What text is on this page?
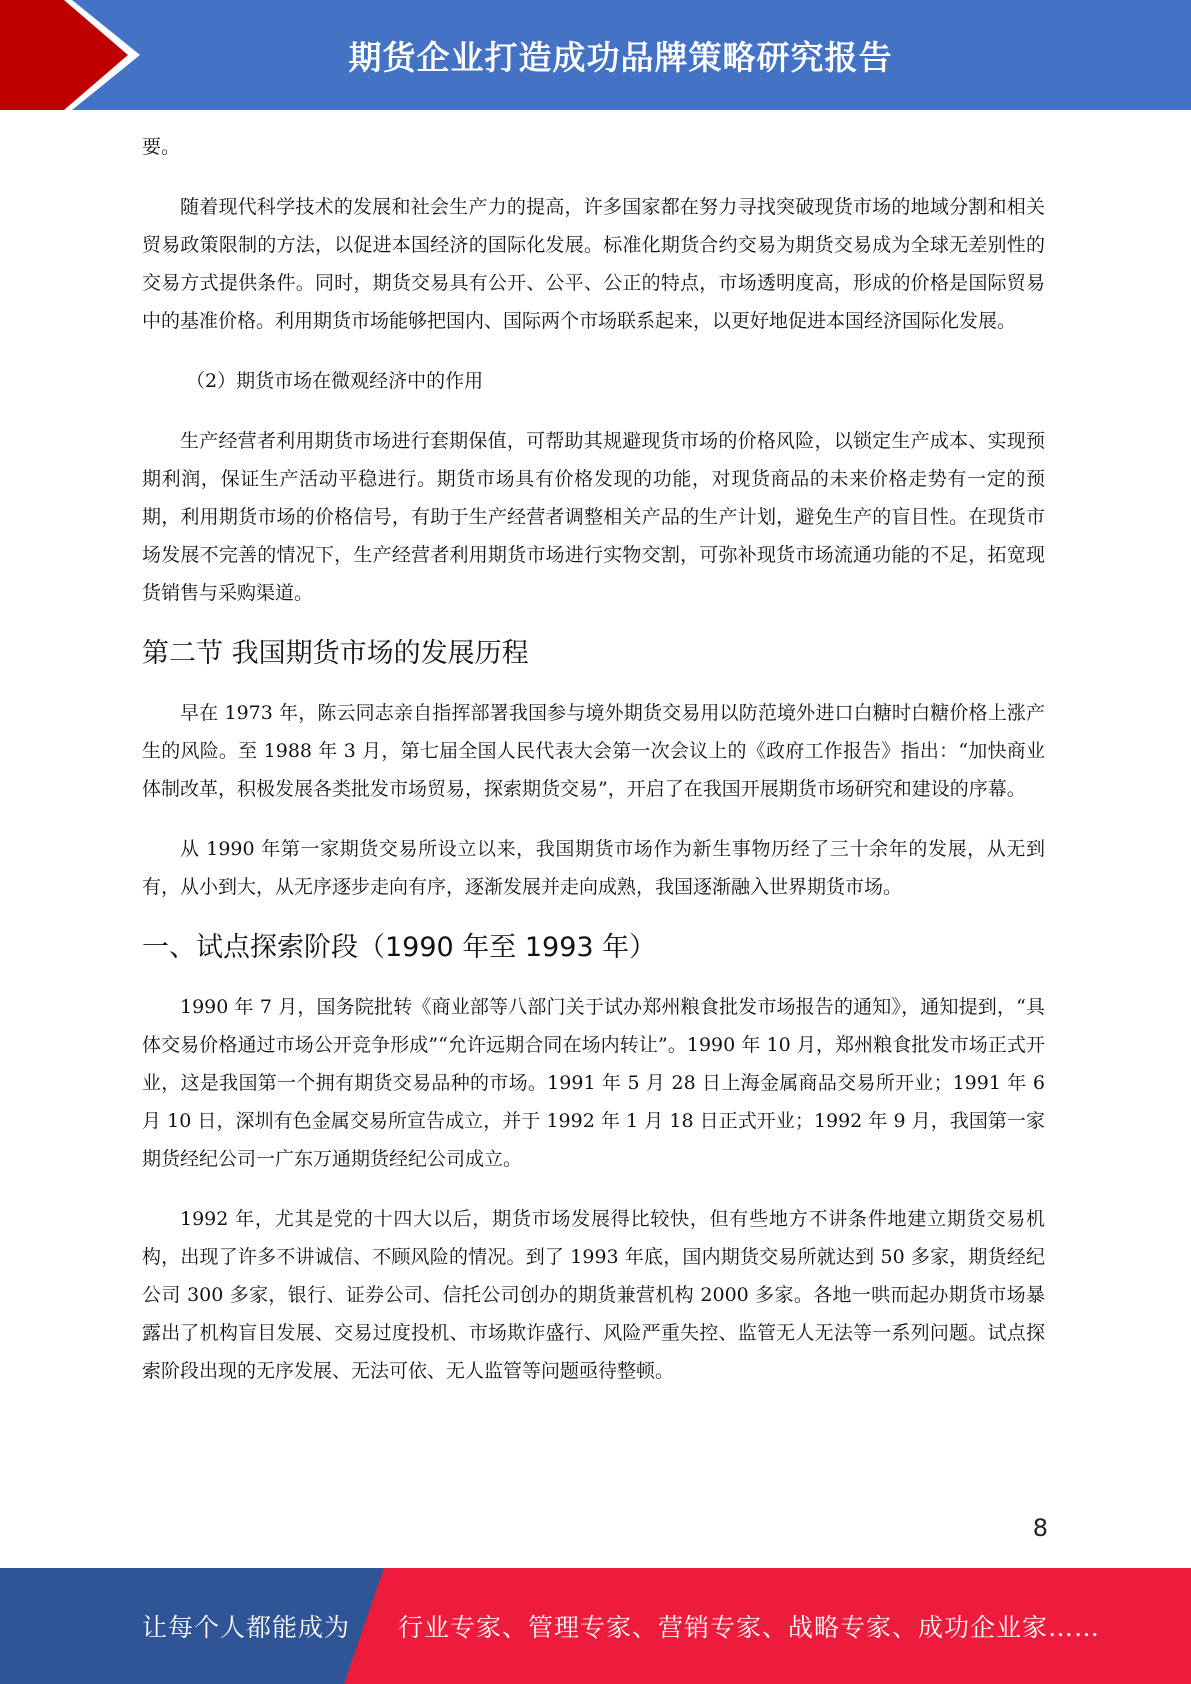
期货企业打造成功品牌策略研究报告

要。

随着现代科学技术的发展和社会生产力的提高，许多国家都在努力寻找突破现货市场的地域分割和相关贸易政策限制的方法，以促进本国经济的国际化发展。标准化期货合约交易为期货交易成为全球无差别性的交易方式提供条件。同时，期货交易具有公开、公平、公正的特点，市场透明度高，形成的价格是国际贸易中的基准价格。利用期货市场能够把国内、国际两个市场联系起来，以更好地促进本国经济国际化发展。

（2）期货市场在微观经济中的作用

生产经营者利用期货市场进行套期保值，可帮助其规避现货市场的价格风险，以锁定生产成本、实现预期利润，保证生产活动平稳进行。期货市场具有价格发现的功能，对现货商品的未来价格走势有一定的预期，利用期货市场的价格信号，有助于生产经营者调整相关产品的生产计划，避免生产的盲目性。在现货市场发展不完善的情况下，生产经营者利用期货市场进行实物交割，可弥补现货市场流通功能的不足，拓宽现货销售与采购渠道。

第二节 我国期货市场的发展历程

早在 1973 年，陈云同志亲自指挥部署我国参与境外期货交易用以防范境外进口白糖时白糖价格上涨产生的风险。至 1988 年 3 月，第七届全国人民代表大会第一次会议上的《政府工作报告》指出：“加快商业体制改革，积极发展各类批发市场贸易，探索期货交易”，开启了在我国开展期货市场研究和建设的序幕。

从 1990 年第一家期货交易所设立以来，我国期货市场作为新生事物历经了三十余年的发展，从无到有，从小到大，从无序逐步走向有序，逐渐发展并走向成熟，我国逐渐融入世界期货市场。

一、试点探索阶段（1990 年至 1993 年）

1990 年 7 月，国务院批转《商业部等八部门关于试办郑州粮食批发市场报告的通知》，通知提到，“具体交易价格通过市场公开竞争形成”“允许远期合同在场内转让”。1990 年 10 月，郑州粮食批发市场正式开业，这是我国第一个拥有期货交易品种的市场。1991 年 5 月 28 日上海金属商品交易所开业；1991 年 6 月 10 日，深圳有色金属交易所宣告成立，并于 1992 年 1 月 18 日正式开业；1992 年 9 月，我国第一家期货经纪公司一广东万通期货经纪公司成立。

1992 年，尤其是党的十四大以后，期货市场发展得比较快，但有些地方不讲条件地建立期货交易机构，出现了许多不讲诚信、不顾风险的情况。到了 1993 年底，国内期货交易所就达到 50 多家，期货经纪公司 300 多家，银行、证券公司、信托公司创办的期货兼营机构 2000 多家。各地一哄而起办期货市场暴露出了机构盲目发展、交易过度投机、市场欺诈盛行、风险严重失控、监管无人无法等一系列问题。试点探索阶段出现的无序发展、无法可依、无人监管等问题亟待整顿。

8
让每个人都能成为 行业专家、管理专家、营销专家、战略专家、成功企业家……
